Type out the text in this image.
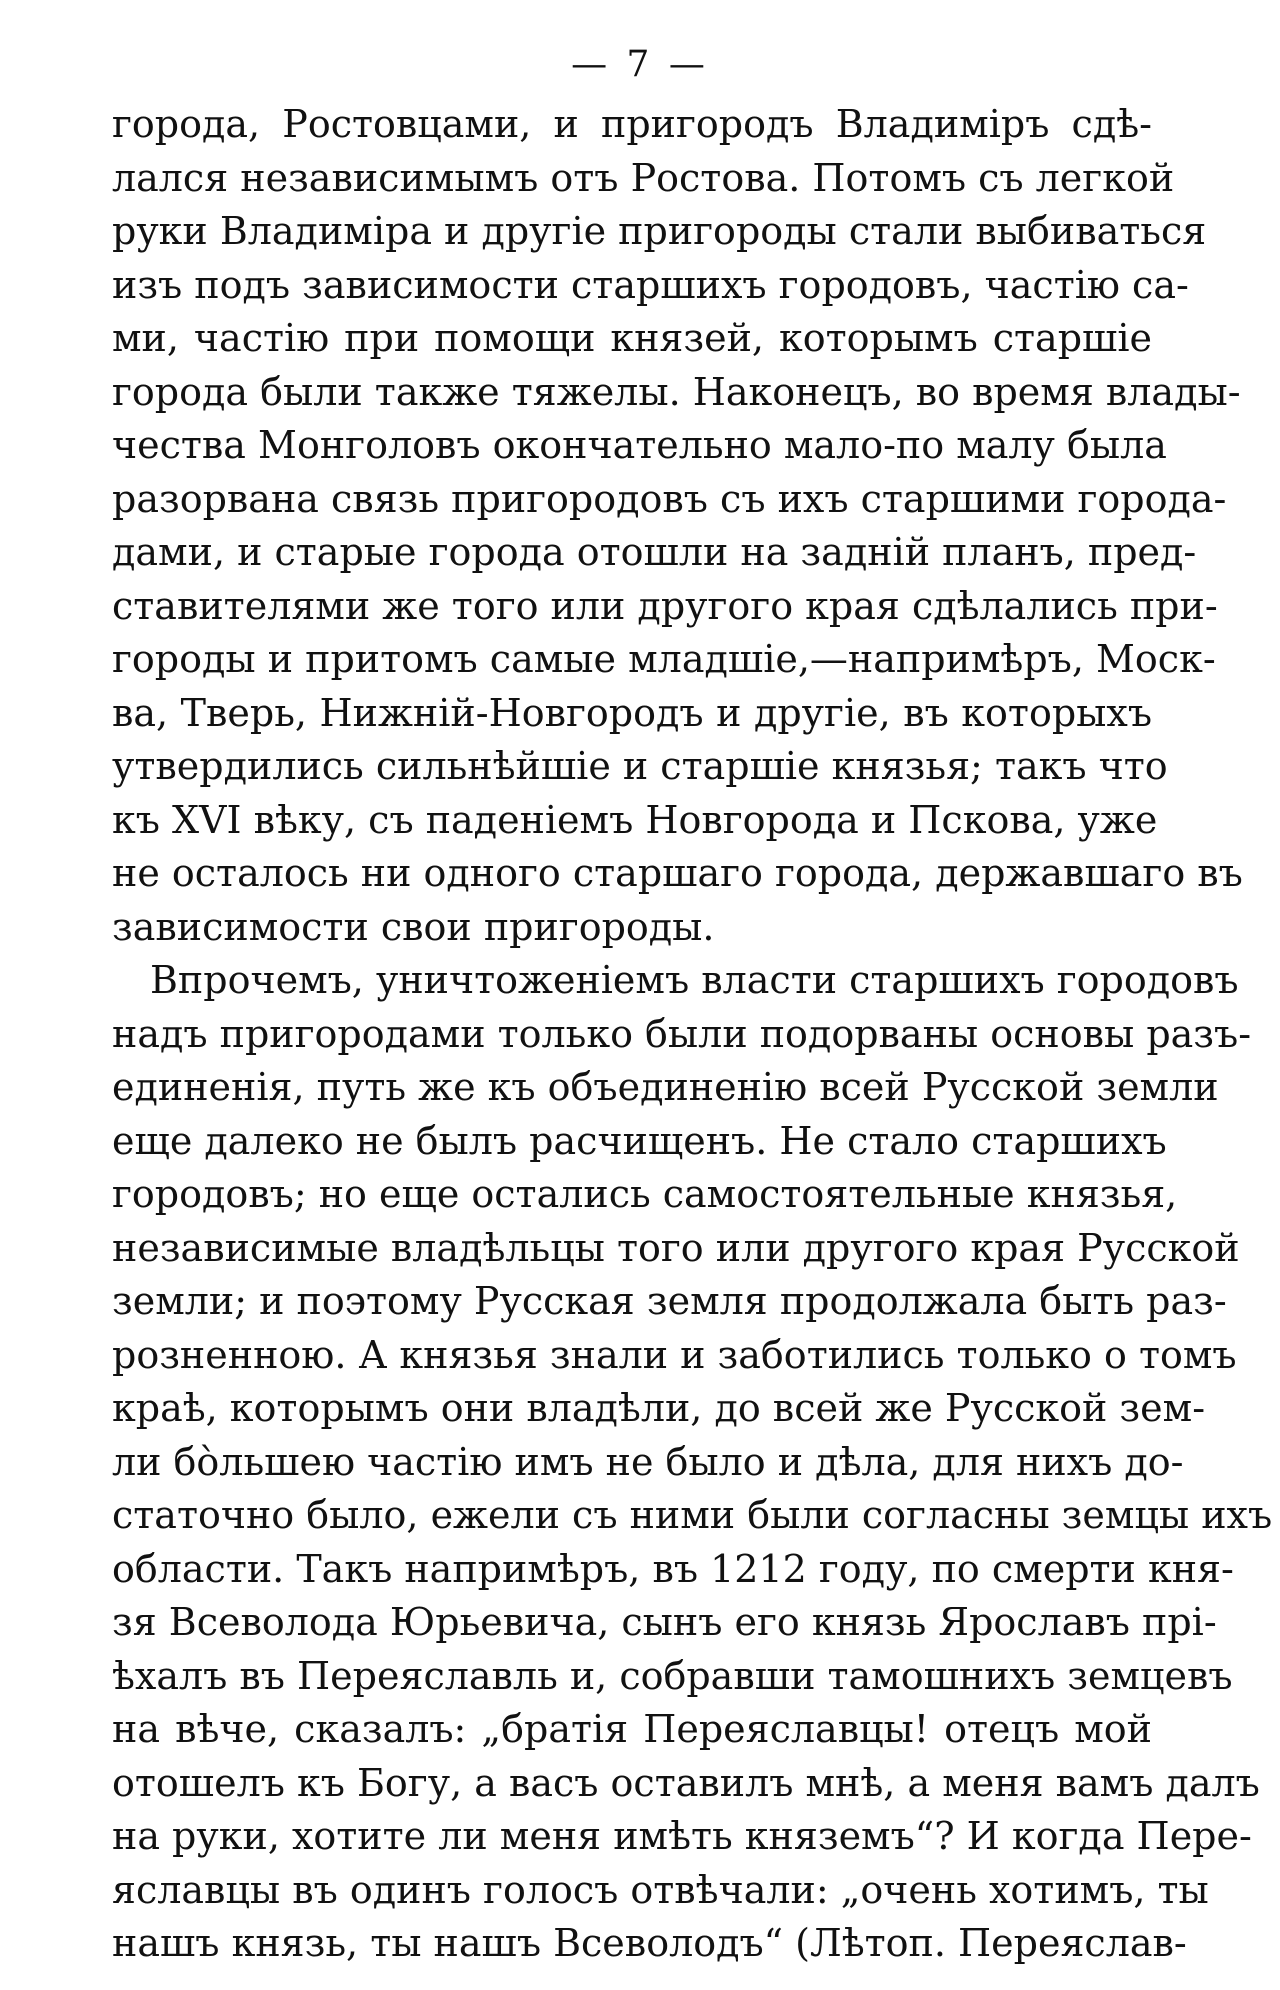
— 7 —
города, Ростовцами, и пригородъ Владиміръ сдѣ-
лался независимымъ отъ Ростова. Потомъ съ легкой
руки Владиміра и другіе пригороды стали выбиваться
изъ подъ зависимости старшихъ городовъ, частію са-
ми, частію при помощи князей, которымъ старшіе
города были также тяжелы. Наконецъ, во время влады-
чества Монголовъ окончательно мало-по малу была
разорвана связь пригородовъ съ ихъ старшими города-
дами, и старые города отошли на задній планъ, пред-
ставителями же того или другого края сдѣлались при-
городы и притомъ самые младшіе,—напримѣръ, Моск-
ва, Тверь, Нижній-Новгородъ и другіе, въ которыхъ
утвердились сильнѣйшіе и старшіе князья; такъ что
къ XVI вѣку, съ паденіемъ Новгорода и Пскова, уже
не осталось ни одного старшаго города, державшаго въ
зависимости свои пригороды.
Впрочемъ, уничтоженіемъ власти старшихъ городовъ
надъ пригородами только были подорваны основы разъ-
единенія, путь же къ объединенію всей Русской земли
еще далеко не былъ расчищенъ. Не стало старшихъ
городовъ; но еще остались самостоятельные князья,
независимые владѣльцы того или другого края Русской
земли; и поэтому Русская земля продолжала быть раз-
розненною. А князья знали и заботились только о томъ
краѣ, которымъ они владѣли, до всей же Русской зем-
ли бо̀льшею частію имъ не было и дѣла, для нихъ до-
статочно было, ежели съ ними были согласны земцы ихъ
области. Такъ напримѣръ, въ 1212 году, по смерти кня-
зя Всеволода Юрьевича, сынъ его князь Ярославъ прі-
ѣхалъ въ Переяславль и, собравши тамошнихъ земцевъ
на вѣче, сказалъ: „братія Переяславцы! отецъ мой
отошелъ къ Богу, а васъ оставилъ мнѣ, а меня вамъ далъ
на руки, хотите ли меня имѣть княземъ“? И когда Пере-
яславцы въ одинъ голосъ отвѣчали: „очень хотимъ, ты
нашъ князь, ты нашъ Всеволодъ“ (Лѣтоп. Переяслав-
